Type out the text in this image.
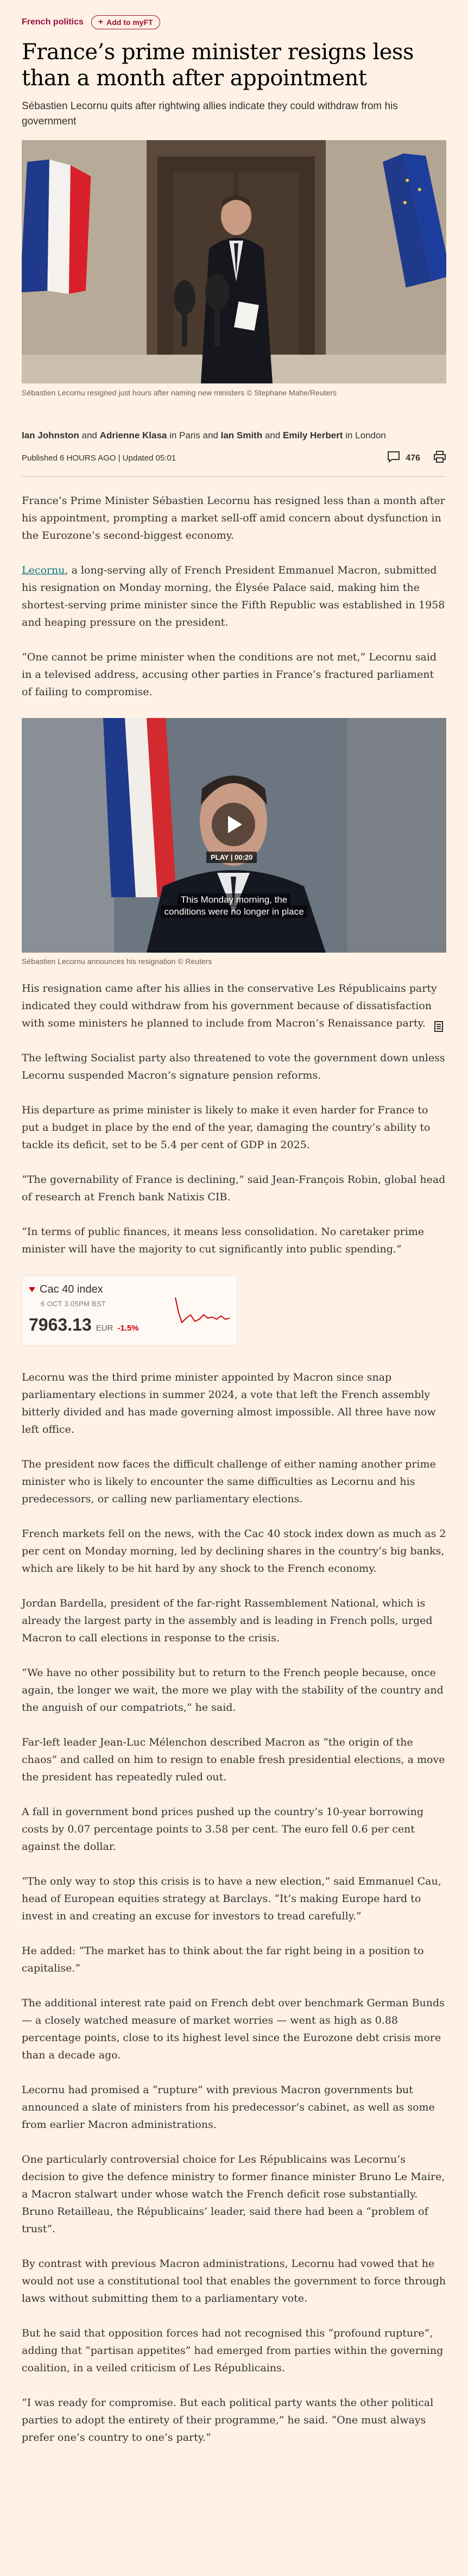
French politics + Add to myFT
France’s prime minister resigns less than a month after appointment
Sébastien Lecornu quits after rightwing allies indicate they could withdraw from his government
Sébastien Lecornu resigned just hours after naming new ministers © Stephane Mahe/Reuters
Ian Johnston and Adrienne Klasa in Paris and Ian Smith and Emily Herbert in London
Published 6 HOURS AGO | Updated 05:01	476

France’s Prime Minister Sébastien Lecornu has resigned less than a month after his appointment, prompting a market sell-off amid concern about dysfunction in the Eurozone’s second-biggest economy.

Lecornu, a long-serving ally of French President Emmanuel Macron, submitted his resignation on Monday morning, the Élysée Palace said, making him the shortest-serving prime minister since the Fifth Republic was established in 1958 and heaping pressure on the president.

“One cannot be prime minister when the conditions are not met,” Lecornu said in a televised address, accusing other parties in France’s fractured parliament of failing to compromise.

PLAY | 00:20
This Monday morning, the
conditions were no longer in place
Sébastien Lecornu announces his resignation © Reuters

His resignation came after his allies in the conservative Les Républicains party indicated they could withdraw from his government because of dissatisfaction with some ministers he planned to include from Macron’s Renaissance party.

The leftwing Socialist party also threatened to vote the government down unless Lecornu suspended Macron’s signature pension reforms.

His departure as prime minister is likely to make it even harder for France to put a budget in place by the end of the year, damaging the country’s ability to tackle its deficit, set to be 5.4 per cent of GDP in 2025.

“The governability of France is declining,” said Jean-François Robin, global head of research at French bank Natixis CIB.

“In terms of public finances, it means less consolidation. No caretaker prime minister will have the majority to cut significantly into public spending.”

Cac 40 index
6 OCT 3.05PM BST
7963.13 EUR -1.5%

Lecornu was the third prime minister appointed by Macron since snap parliamentary elections in summer 2024, a vote that left the French assembly bitterly divided and has made governing almost impossible. All three have now left office.

The president now faces the difficult challenge of either naming another prime minister who is likely to encounter the same difficulties as Lecornu and his predecessors, or calling new parliamentary elections.

French markets fell on the news, with the Cac 40 stock index down as much as 2 per cent on Monday morning, led by declining shares in the country’s big banks, which are likely to be hit hard by any shock to the French economy.

Jordan Bardella, president of the far-right Rassemblement National, which is already the largest party in the assembly and is leading in French polls, urged Macron to call elections in response to the crisis.

“We have no other possibility but to return to the French people because, once again, the longer we wait, the more we play with the stability of the country and the anguish of our compatriots,” he said.

Far-left leader Jean-Luc Mélenchon described Macron as “the origin of the chaos” and called on him to resign to enable fresh presidential elections, a move the president has repeatedly ruled out.

A fall in government bond prices pushed up the country’s 10-year borrowing costs by 0.07 percentage points to 3.58 per cent. The euro fell 0.6 per cent against the dollar.

“The only way to stop this crisis is to have a new election,” said Emmanuel Cau, head of European equities strategy at Barclays. “It’s making Europe hard to invest in and creating an excuse for investors to tread carefully.”

He added: “The market has to think about the far right being in a position to capitalise.”

The additional interest rate paid on French debt over benchmark German Bunds — a closely watched measure of market worries — went as high as 0.88 percentage points, close to its highest level since the Eurozone debt crisis more than a decade ago.

Lecornu had promised a “rupture” with previous Macron governments but announced a slate of ministers from his predecessor’s cabinet, as well as some from earlier Macron administrations.

One particularly controversial choice for Les Républicains was Lecornu’s decision to give the defence ministry to former finance minister Bruno Le Maire, a Macron stalwart under whose watch the French deficit rose substantially. Bruno Retailleau, the Républicains’ leader, said there had been a “problem of trust”.

By contrast with previous Macron administrations, Lecornu had vowed that he would not use a constitutional tool that enables the government to force through laws without submitting them to a parliamentary vote.

But he said that opposition forces had not recognised this “profound rupture”, adding that “partisan appetites” had emerged from parties within the governing coalition, in a veiled criticism of Les Républicains.

“I was ready for compromise. But each political party wants the other political parties to adopt the entirety of their programme,” he said. “One must always prefer one’s country to one’s party.”
